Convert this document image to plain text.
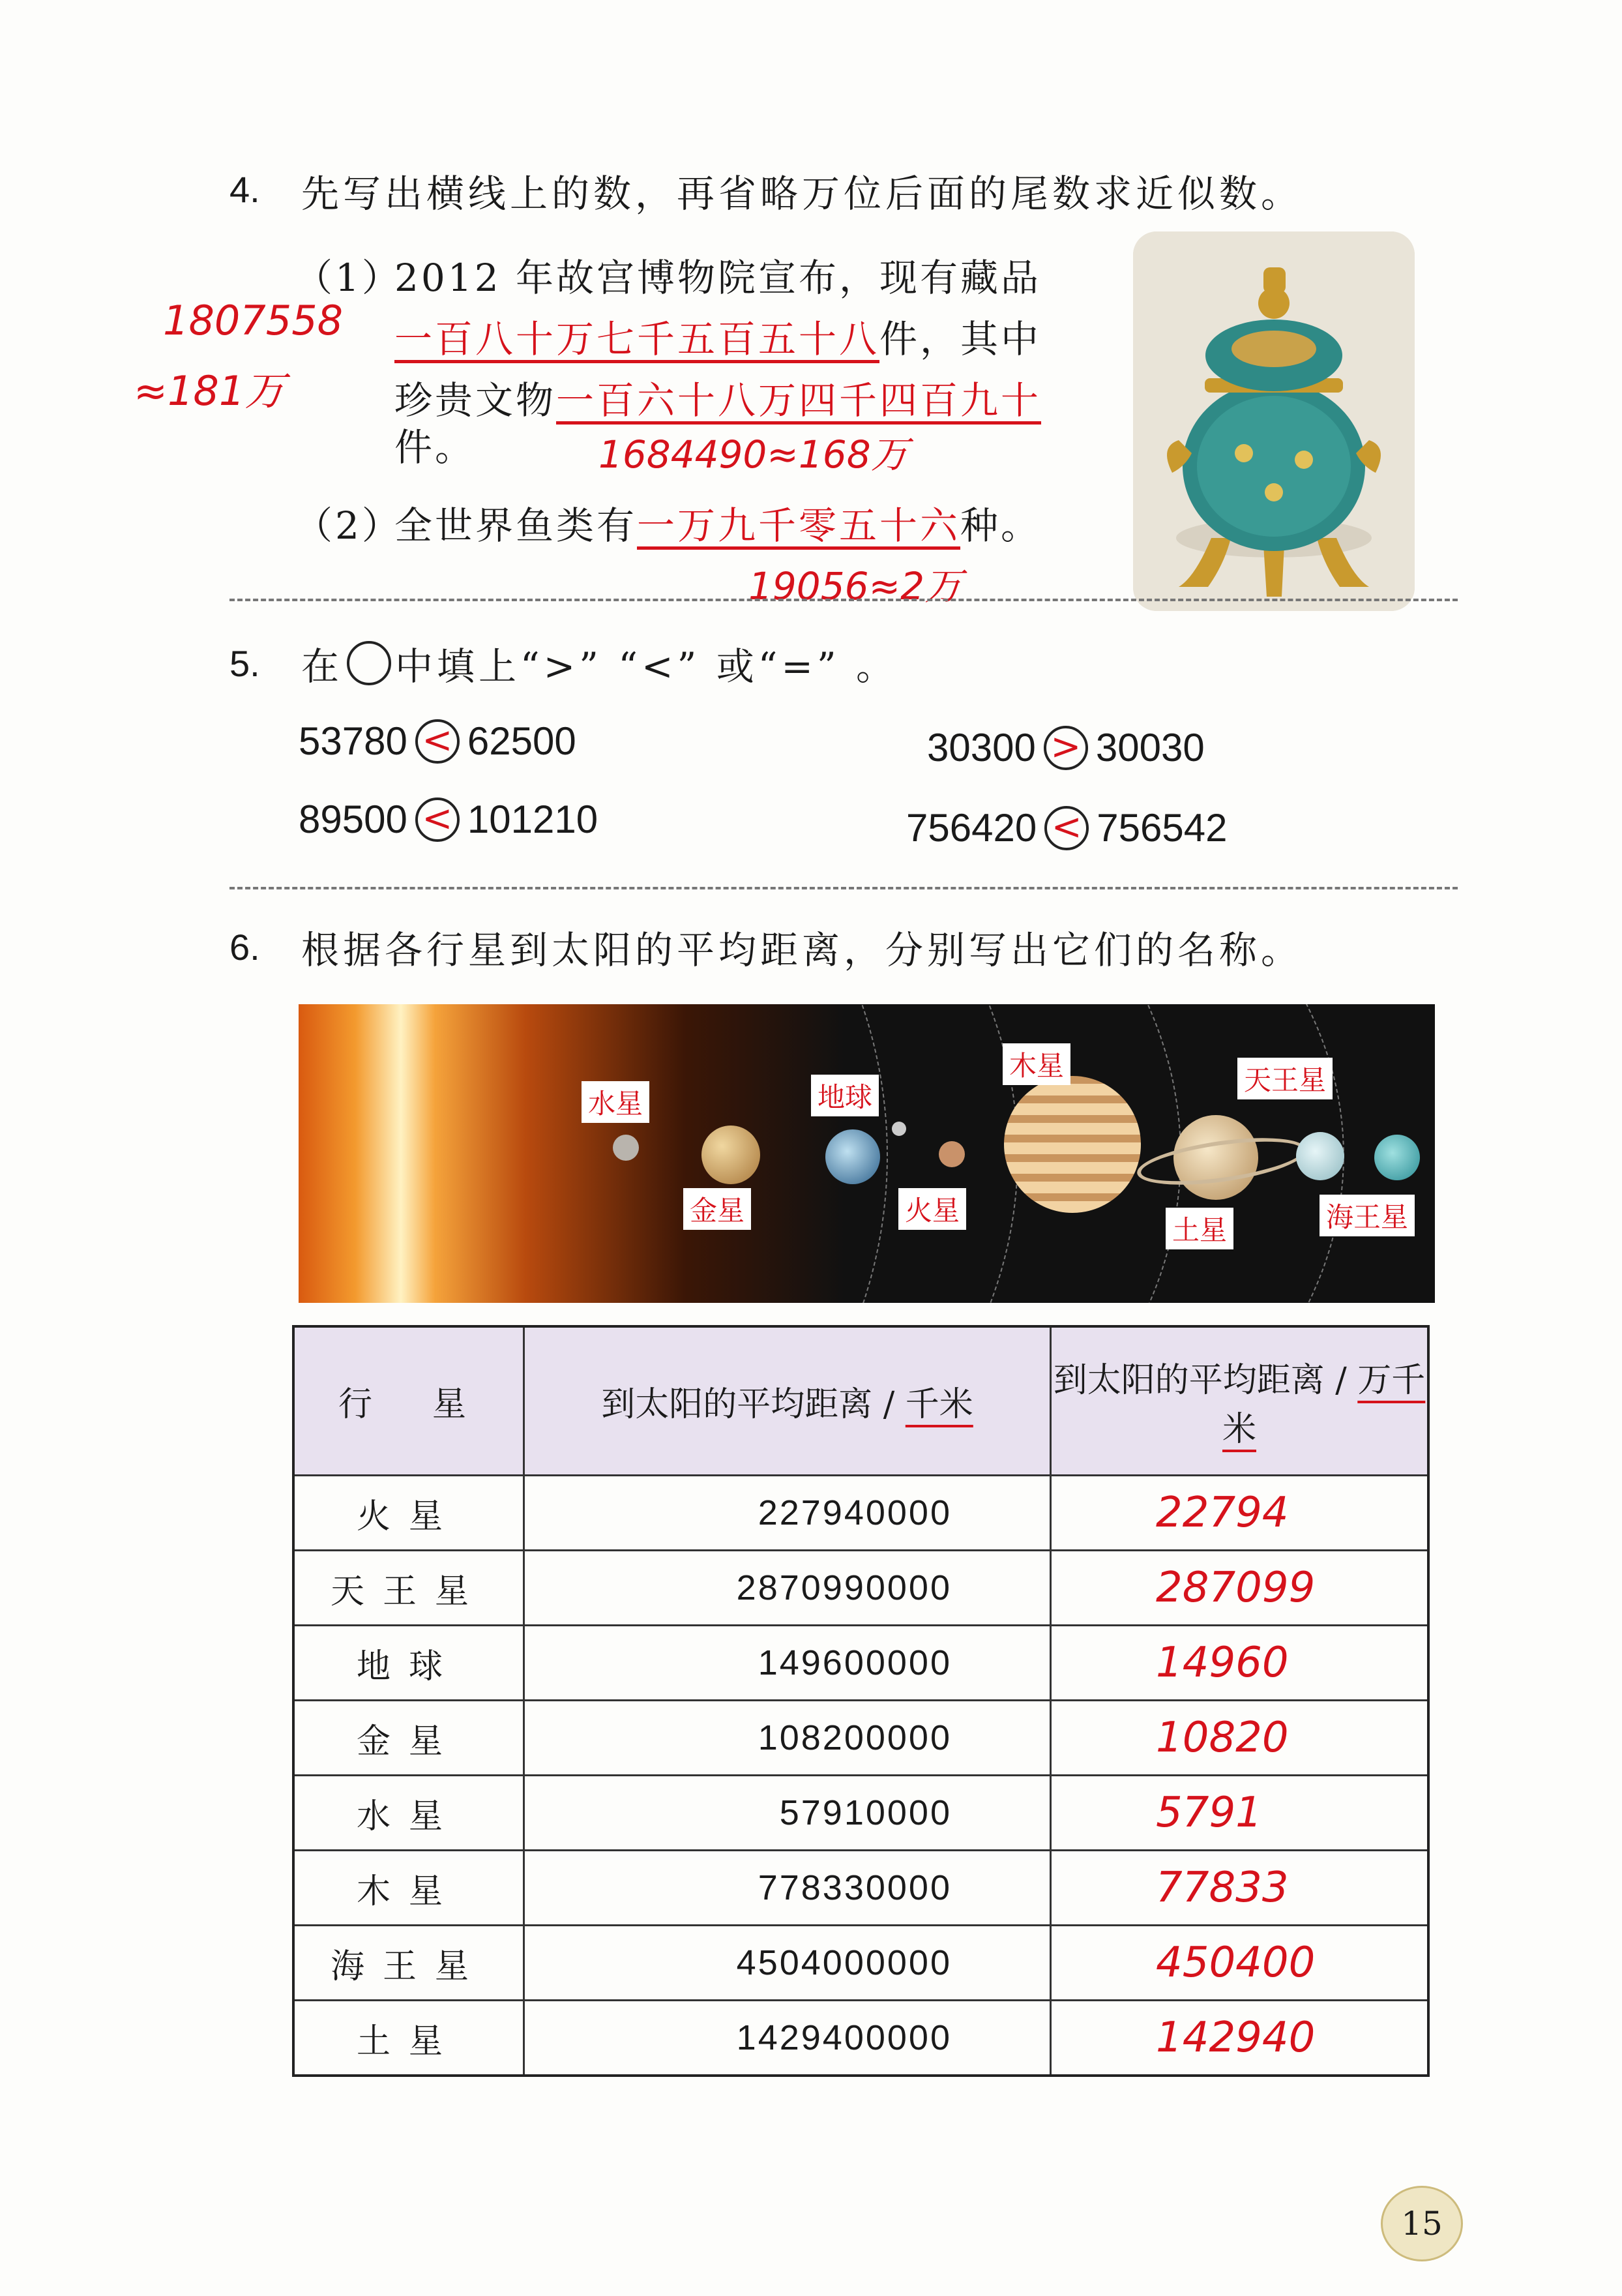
4. 先写出横线上的数，再省略万位后面的尾数求近似数。
（1）
2012 年故宫博物院宣布，现有藏品
一百八十万七千五百五十八件，其中
珍贵文物一百六十八万四千四百九十
件。
1807558
≈181万
1684490≈168万
（2）
全世界鱼类有一万九千零五十六种。
19056≈2万
5. 在 中填上“>” “<” 或“=” 。
53780 < 62500	30300 > 30030
89500 < 101210	756420 < 756542
6. 根据各行星到太阳的平均距离，分别写出它们的名称。
水星
金星
地球
火星
木星
土星
天王星
海王星
行　星	到太阳的平均距离 / 千米	到太阳的平均距离 / 万千米
火星	227940000	22794
天王星	2870990000	287099
地球	149600000	14960
金星	108200000	10820
水星	57910000	5791
木星	778330000	77833
海王星	4504000000	450400
土星	1429400000	142940
15
